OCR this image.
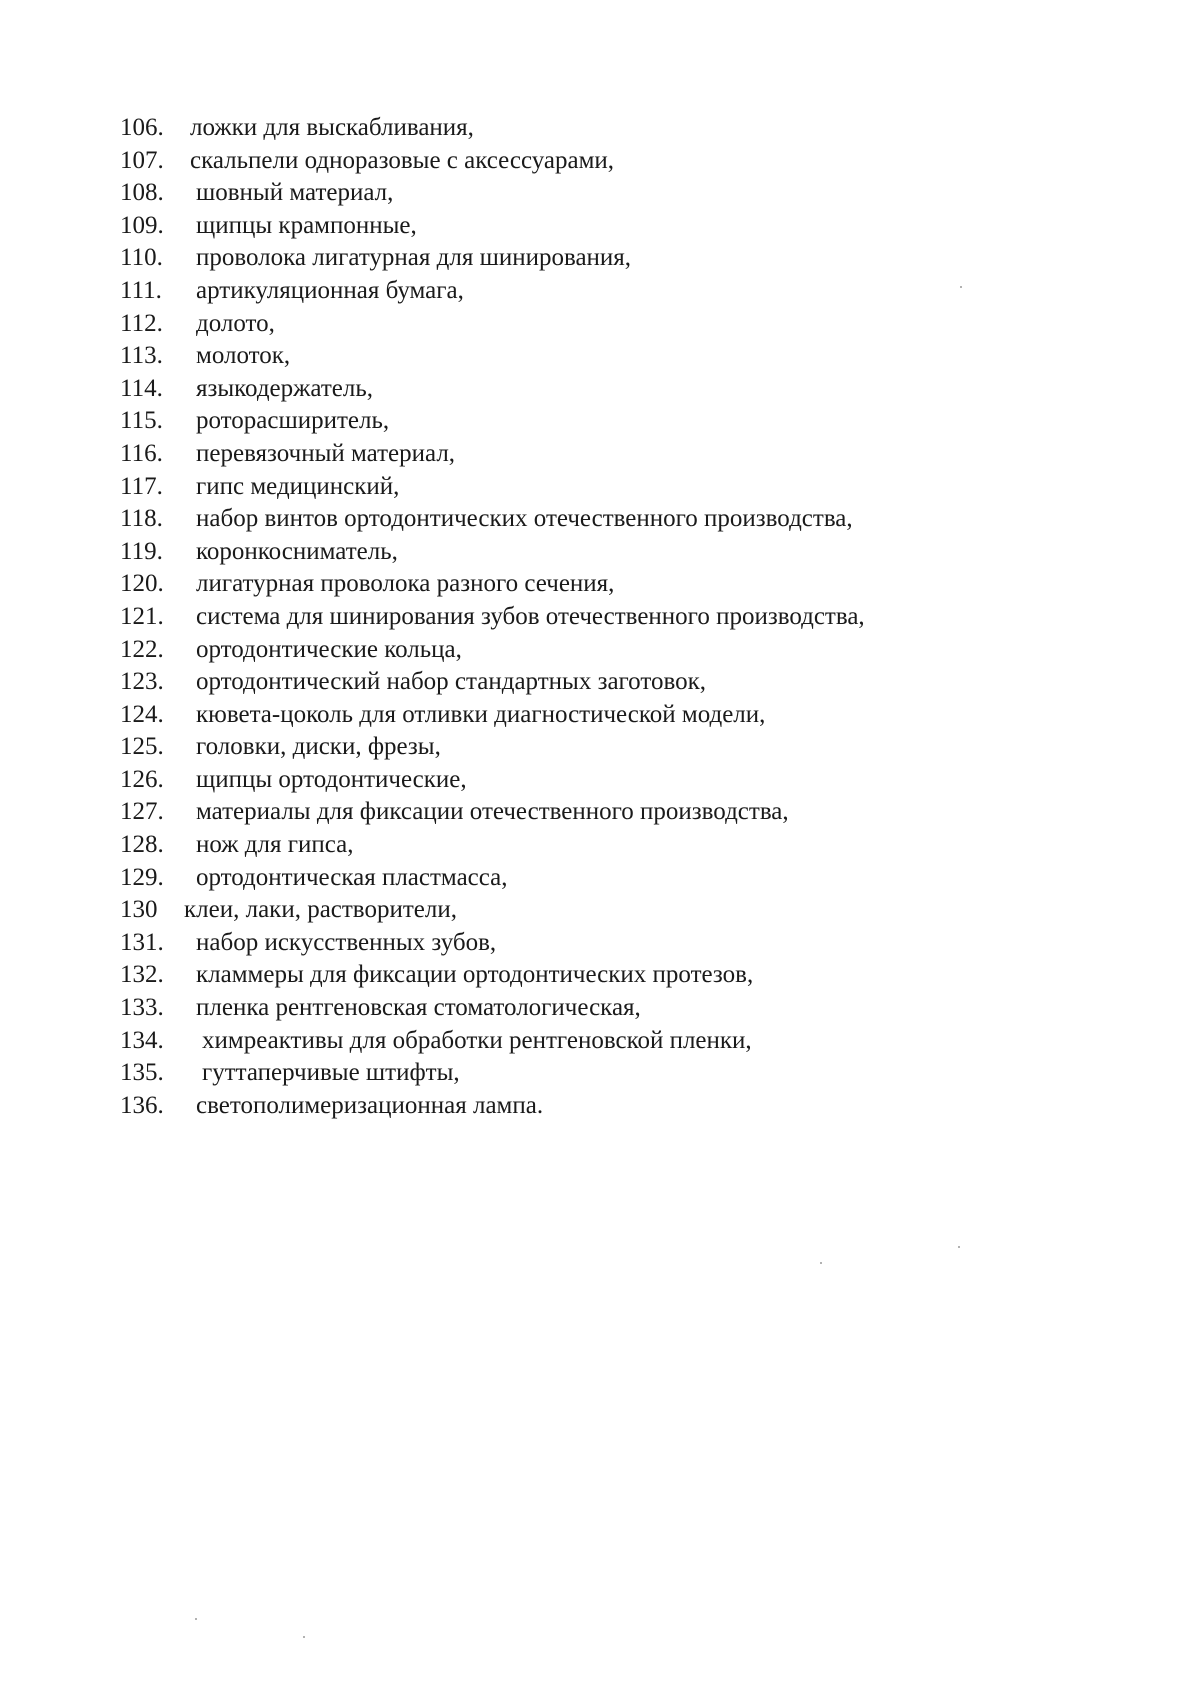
106.	ложки для выскабливания,
107.	скальпели одноразовые с аксессуарами,
108.	шовный материал,
109.	щипцы крампонные,
110.	проволока лигатурная для шинирования,
111.	артикуляционная бумага,
112.	долото,
113.	молоток,
114.	языкодержатель,
115.	роторасширитель,
116.	перевязочный материал,
117.	гипс медицинский,
118.	набор винтов ортодонтических отечественного производства,
119.	коронкосниматель,
120.	лигатурная проволока разного сечения,
121.	система для шинирования зубов отечественного производства,
122.	ортодонтические кольца,
123.	ортодонтический набор стандартных заготовок,
124.	кювета-цоколь для отливки диагностической модели,
125.	головки, диски, фрезы,
126.	щипцы ортодонтические,
127.	материалы для фиксации отечественного производства,
128.	нож для гипса,
129.	ортодонтическая пластмасса,
130	клеи, лаки, растворители,
131.	набор искусственных зубов,
132.	кламмеры для фиксации ортодонтических протезов,
133.	пленка рентгеновская стоматологическая,
134.	химреактивы для обработки рентгеновской пленки,
135.	гуттаперчивые штифты,
136.	светополимеризационная лампа.
